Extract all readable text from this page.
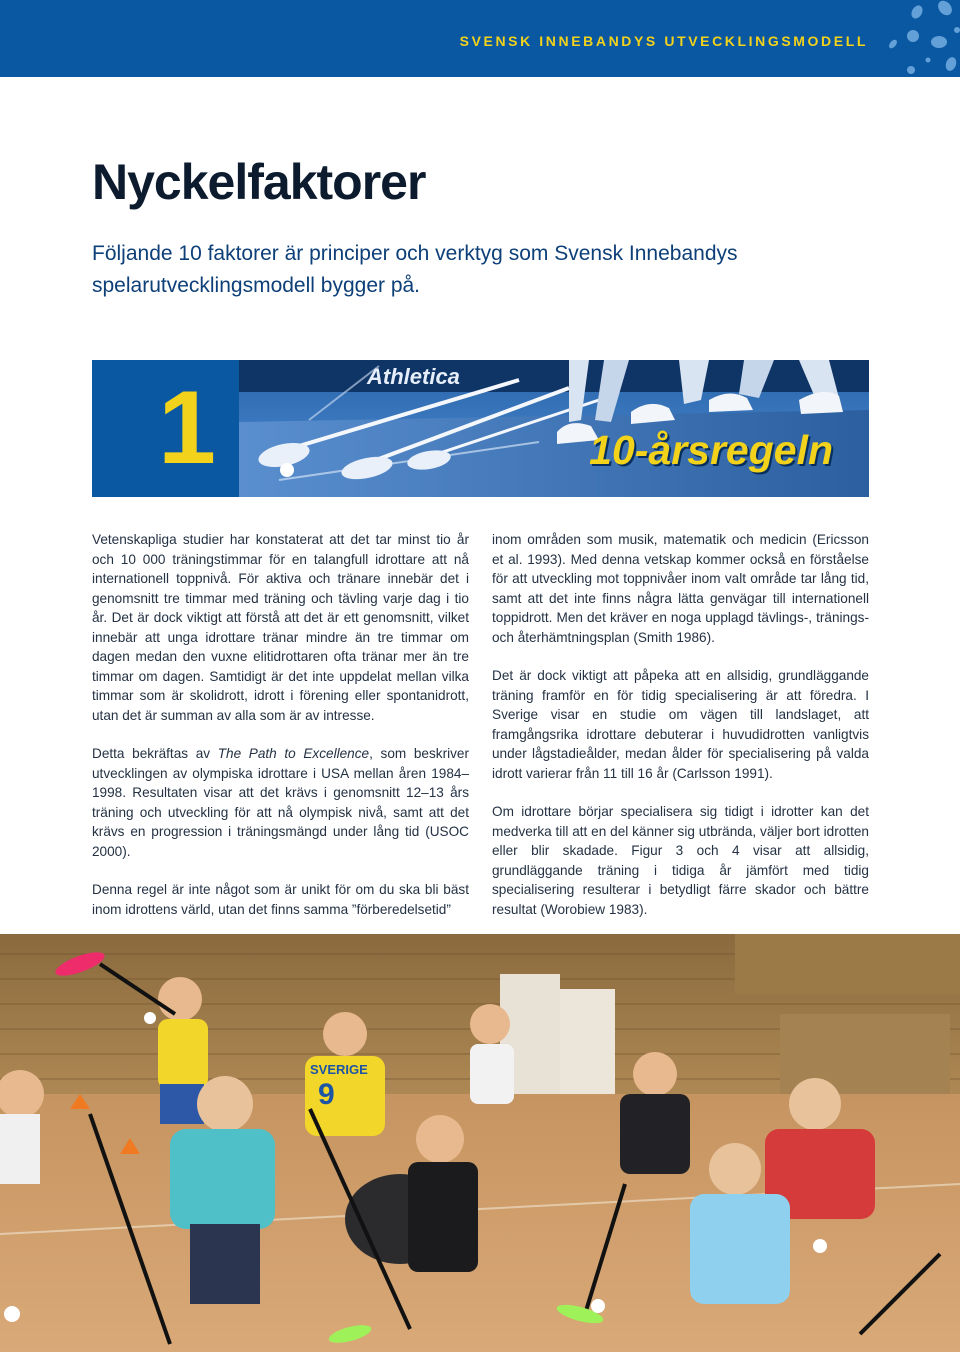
SVENSK INNEBANDYS UTVECKLINGSMODELL
Nyckelfaktorer

Följande 10 faktorer är principer och verktyg som Svensk Innebandys spelarutvecklingsmodell bygger på.

Athletica
1	10-årsregeln

Vetenskapliga studier har konstaterat att det tar minst tio år och 10 000 träningstimmar för en talangfull idrottare att nå internationell toppnivå. För aktiva och tränare innebär det i genomsnitt tre timmar med träning och tävling varje dag i tio år. Det är dock viktigt att förstå att det är ett genomsnitt, vilket innebär att unga idrottare tränar mindre än tre timmar om dagen medan den vuxne elitidrottaren ofta tränar mer än tre timmar om dagen. Samtidigt är det inte uppdelat mellan vilka timmar som är skolidrott, idrott i förening eller spontanidrott, utan det är summan av alla som är av intresse.

Detta bekräftas av The Path to Excellence, som beskriver utvecklingen av olympiska idrottare i USA mellan åren 1984–1998. Resultaten visar att det krävs i genomsnitt 12–13 års träning och utveckling för att nå olympisk nivå, samt att det krävs en progression i träningsmängd under lång tid (USOC 2000).

Denna regel är inte något som är unikt för om du ska bli bäst inom idrottens värld, utan det finns samma ”förberedelsetid”

inom områden som musik, matematik och medicin (Ericsson et al. 1993). Med denna vetskap kommer också en förståelse för att utveckling mot toppnivåer inom valt område tar lång tid, samt att det inte finns några lätta genvägar till internationell toppidrott. Men det kräver en noga upplagd tävlings-, tränings- och återhämtningsplan (Smith 1986).

Det är dock viktigt att påpeka att en allsidig, grundläggande träning framför en för tidig specialisering är att föredra. I Sverige visar en studie om vägen till landslaget, att framgångsrika idrottare debuterar i huvudidrotten vanligtvis under lågstadieålder, medan ålder för specialisering på valda idrott varierar från 11 till 16 år (Carlsson 1991).

Om idrottare börjar specialisera sig tidigt i idrotter kan det medverka till att en del känner sig utbrända, väljer bort idrotten eller blir skadade. Figur 3 och 4 visar att allsidig, grundläggande träning i tidiga år jämfört med tidig specialisering resulterar i betydligt färre skador och bättre resultat (Worobiew 1983).

9
SVERIGE
